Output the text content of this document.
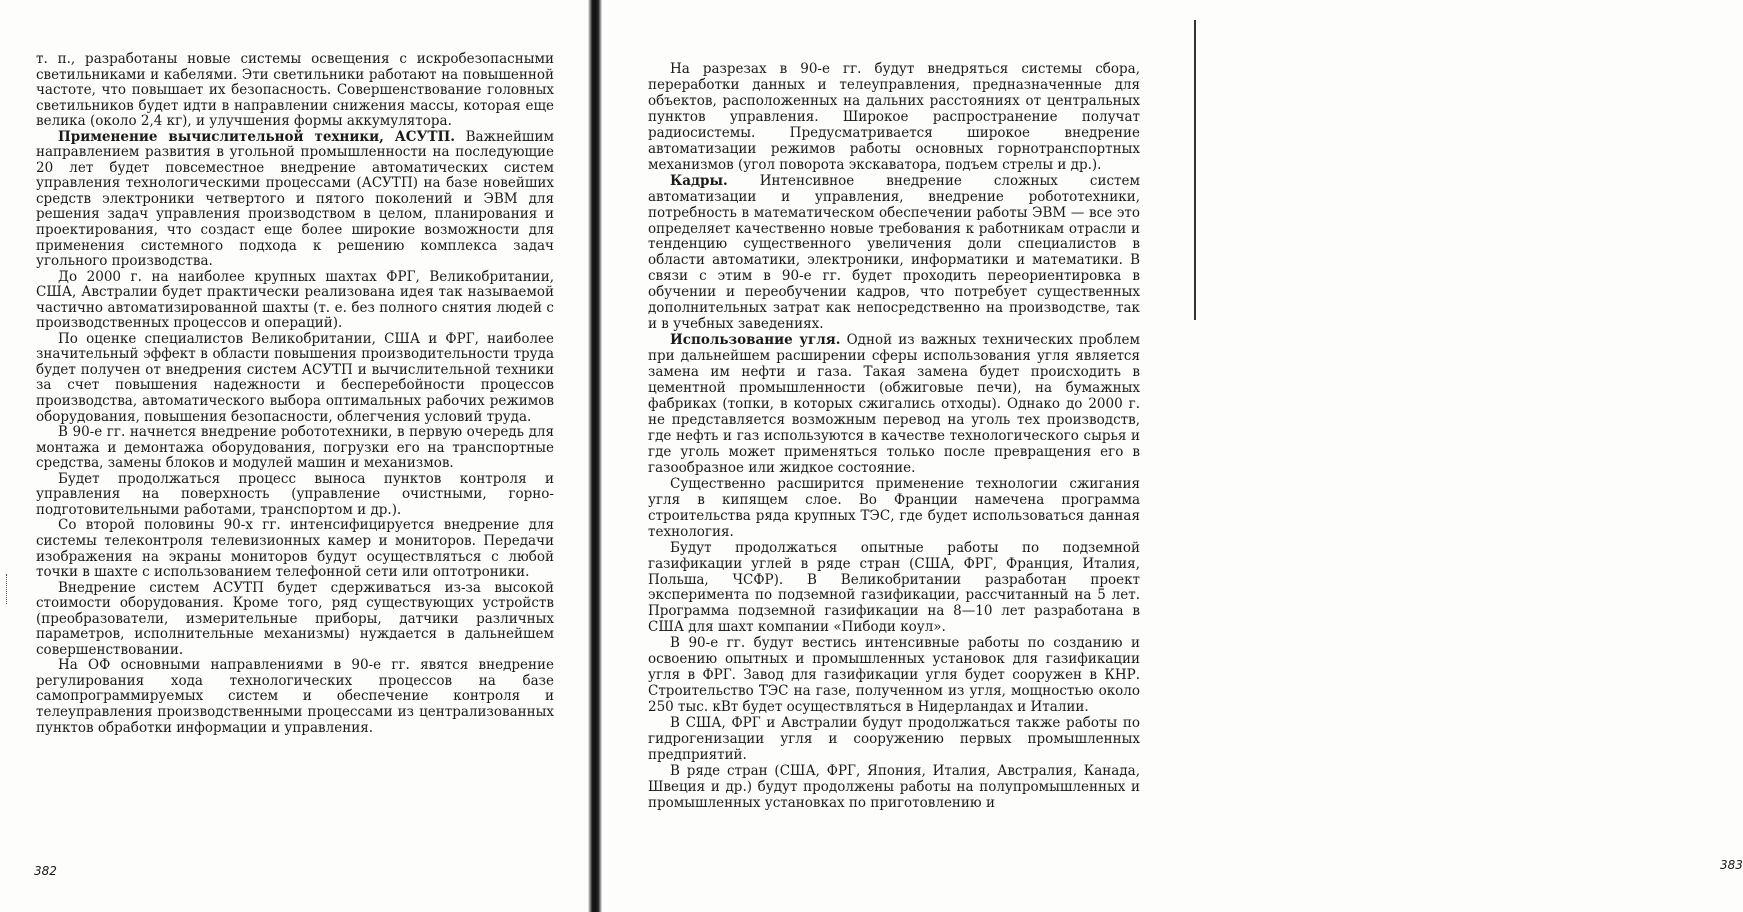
т. п., разработаны новые системы освещения с искробезопасными светильниками и кабелями. Эти светильники работают на повышенной частоте, что повышает их безопасность. Совершенствование головных светильников будет идти в направлении снижения массы, которая еще велика (около 2,4 кг), и улучшения формы аккумулятора.

Применение вычислительной техники, АСУТП. Важнейшим направлением развития в угольной промышленности на последующие 20 лет будет повсеместное внедрение автоматических систем управления технологическими процессами (АСУТП) на базе новейших средств электроники четвертого и пятого поколений и ЭВМ для решения задач управления производством в целом, планирования и проектирования, что создаст еще более широкие возможности для применения системного подхода к решению комплекса задач угольного производства.

До 2000 г. на наиболее крупных шахтах ФРГ, Великобритании, США, Австралии будет практически реализована идея так называемой частично автоматизированной шахты (т. е. без полного снятия людей с производственных процессов и операций).

По оценке специалистов Великобритании, США и ФРГ, наиболее значительный эффект в области повышения производительности труда будет получен от внедрения систем АСУТП и вычислительной техники за счет повышения надежности и бесперебойности процессов производства, автоматического выбора оптимальных рабочих режимов оборудования, повышения безопасности, облегчения условий труда.

В 90-е гг. начнется внедрение робототехники, в первую очередь для монтажа и демонтажа оборудования, погрузки его на транспортные средства, замены блоков и модулей машин и механизмов.

Будет продолжаться процесс выноса пунктов контроля и управления на поверхность (управление очистными, горно-подготовительными работами, транспортом и др.).

Со второй половины 90-х гг. интенсифицируется внедрение для системы телеконтроля телевизионных камер и мониторов. Передачи изображения на экраны мониторов будут осуществляться с любой точки в шахте с использованием телефонной сети или оптотроники.

Внедрение систем АСУТП будет сдерживаться из-за высокой стоимости оборудования. Кроме того, ряд существующих устройств (преобразователи, измерительные приборы, датчики различных параметров, исполнительные механизмы) нуждается в дальнейшем совершенствовании.

На ОФ основными направлениями в 90-е гг. явятся внедрение регулирования хода технологических процессов на базе самопрограммируемых систем и обеспечение контроля и телеуправления производственными процессами из централизованных пунктов обработки информации и управления.

382

На разрезах в 90-е гг. будут внедряться системы сбора, переработки данных и телеуправления, предназначенные для объектов, расположенных на дальних расстояниях от центральных пунктов управления. Широкое распространение получат радиосистемы. Предусматривается широкое внедрение автоматизации режимов работы основных горнотранспортных механизмов (угол поворота экскаватора, подъем стрелы и др.).

Кадры. Интенсивное внедрение сложных систем автоматизации и управления, внедрение робототехники, потребность в математическом обеспечении работы ЭВМ — все это определяет качественно новые требования к работникам отрасли и тенденцию существенного увеличения доли специалистов в области автоматики, электроники, информатики и математики. В связи с этим в 90-е гг. будет проходить переориентировка в обучении и переобучении кадров, что потребует существенных дополнительных затрат как непосредственно на производстве, так и в учебных заведениях.

Использование угля. Одной из важных технических проблем при дальнейшем расширении сферы использования угля является замена им нефти и газа. Такая замена будет происходить в цементной промышленности (обжиговые печи), на бумажных фабриках (топки, в которых сжигались отходы). Однако до 2000 г. не представляется возможным перевод на уголь тех производств, где нефть и газ используются в качестве технологического сырья и где уголь может применяться только после превращения его в газообразное или жидкое состояние.

Существенно расширится применение технологии сжигания угля в кипящем слое. Во Франции намечена программа строительства ряда крупных ТЭС, где будет использоваться данная технология.

Будут продолжаться опытные работы по подземной газификации углей в ряде стран (США, ФРГ, Франция, Италия, Польша, ЧСФР). В Великобритании разработан проект эксперимента по подземной газификации, рассчитанный на 5 лет. Программа подземной газификации на 8—10 лет разработана в США для шахт компании «Пибоди коул».

В 90-е гг. будут вестись интенсивные работы по созданию и освоению опытных и промышленных установок для газификации угля в ФРГ. Завод для газификации угля будет сооружен в КНР. Строительство ТЭС на газе, полученном из угля, мощностью около 250 тыс. кВт будет осуществляться в Нидерландах и Италии.

В США, ФРГ и Австралии будут продолжаться также работы по гидрогенизации угля и сооружению первых промышленных предприятий.

В ряде стран (США, ФРГ, Япония, Италия, Австралия, Канада, Швеция и др.) будут продолжены работы на полупромышленных и промышленных установках по приготовлению и

383
